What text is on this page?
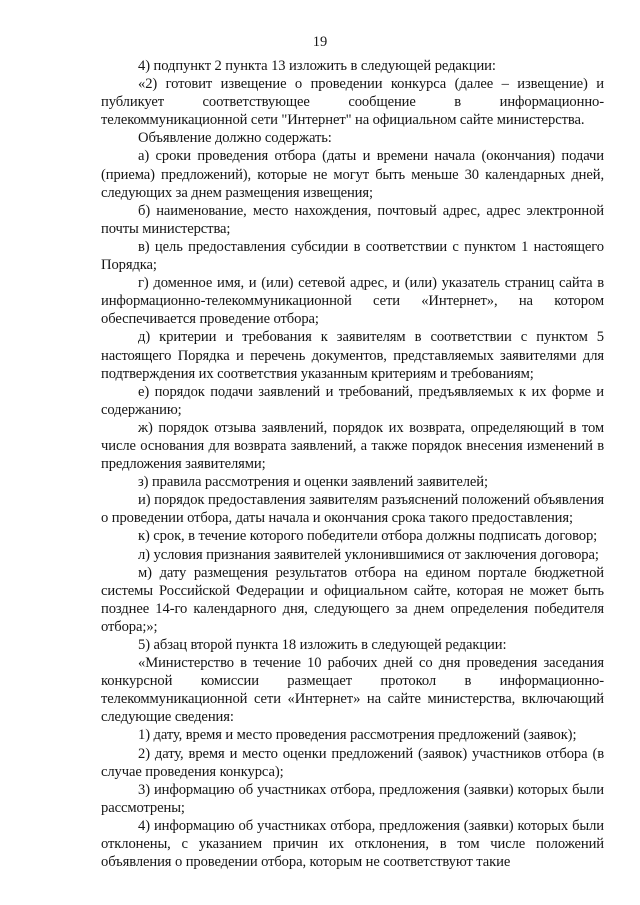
19

4) подпункт 2 пункта 13 изложить в следующей редакции:

«2) готовит извещение о проведении конкурса (далее – извещение) и публикует соответствующее сообщение в информационно-телекоммуникационной сети "Интернет" на официальном сайте министерства.

Объявление должно содержать:

а) сроки проведения отбора (даты и времени начала (окончания) подачи (приема) предложений), которые не могут быть меньше 30 календарных дней, следующих за днем размещения извещения;

б) наименование, место нахождения, почтовый адрес, адрес электронной почты министерства;

в) цель предоставления субсидии в соответствии с пунктом 1 настоящего Порядка;

г) доменное имя, и (или) сетевой адрес, и (или) указатель страниц сайта в информационно-телекоммуникационной сети «Интернет», на котором обеспечивается проведение отбора;

д) критерии и требования к заявителям в соответствии с пунктом 5 настоящего Порядка и перечень документов, представляемых заявителями для подтверждения их соответствия указанным критериям и требованиям;

е) порядок подачи заявлений и требований, предъявляемых к их форме и содержанию;

ж) порядок отзыва заявлений, порядок их возврата, определяющий в том числе основания для возврата заявлений, а также порядок внесения изменений в предложения заявителями;

з) правила рассмотрения и оценки заявлений заявителей;

и) порядок предоставления заявителям разъяснений положений объявления о проведении отбора, даты начала и окончания срока такого предоставления;

к) срок, в течение которого победители отбора должны подписать договор;

л) условия признания заявителей уклонившимися от заключения договора;

м) дату размещения результатов отбора на едином портале бюджетной системы Российской Федерации и официальном сайте, которая не может быть позднее 14-го календарного дня, следующего за днем определения победителя отбора;»;

5) абзац второй пункта 18 изложить в следующей редакции:

«Министерство в течение 10 рабочих дней со дня проведения заседания конкурсной комиссии размещает протокол в информационно-телекоммуникационной сети «Интернет» на сайте министерства, включающий следующие сведения:

1) дату, время и место проведения рассмотрения предложений (заявок);

2) дату, время и место оценки предложений (заявок) участников отбора (в случае проведения конкурса);

3) информацию об участниках отбора, предложения (заявки) которых были рассмотрены;

4) информацию об участниках отбора, предложения (заявки) которых были отклонены, с указанием причин их отклонения, в том числе положений объявления о проведении отбора, которым не соответствуют такие
